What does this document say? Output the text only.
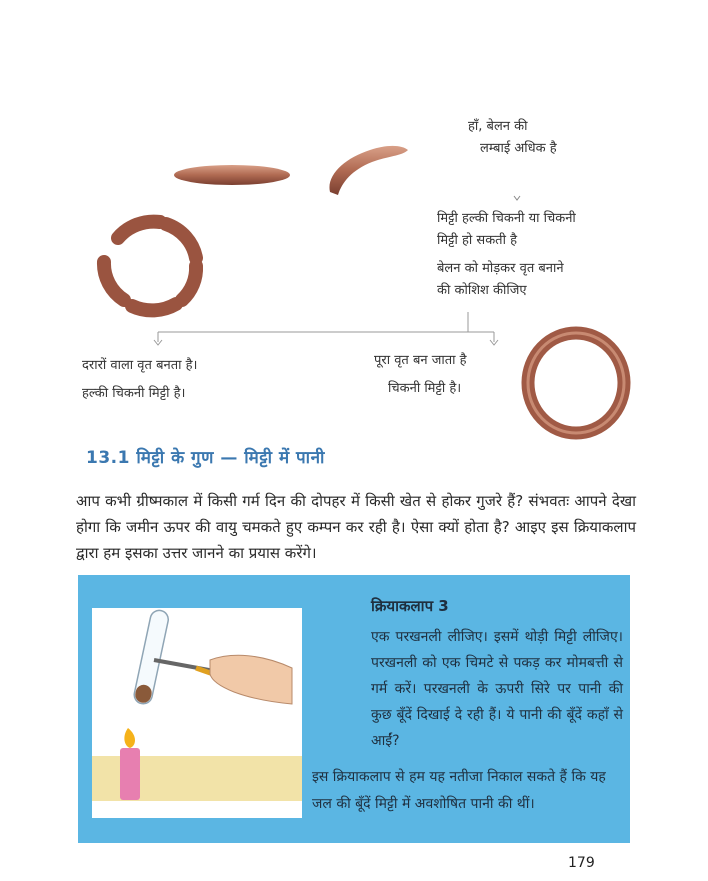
हाँ, बेलन की
लम्बाई अधिक है
मिट्टी हल्की चिकनी या चिकनी
मिट्टी हो सकती है
बेलन को मोड़कर वृत बनाने
की कोशिश कीजिए
दरारों वाला वृत बनता है।
हल्की चिकनी मिट्टी है।
पूरा वृत बन जाता है
चिकनी मिट्टी है।
13.1 मिट्टी के गुण — मिट्टी में पानी
आप कभी ग्रीष्मकाल में किसी गर्म दिन की दोपहर में किसी खेत से होकर गुजरे हैं? संभवतः आपने देखा होगा कि जमीन ऊपर की वायु चमकते हुए कम्पन कर रही है। ऐसा क्यों होता है? आइए इस क्रियाकलाप द्वारा हम इसका उत्तर जानने का प्रयास करेंगे।
क्रियाकलाप 3
एक परखनली लीजिए। इसमें थोड़ी मिट्टी लीजिए। परखनली को एक चिमटे से पकड़ कर मोमबत्ती से गर्म करें। परखनली के ऊपरी सिरे पर पानी की कुछ बूँदें दिखाई दे रही हैं। ये पानी की बूँदें कहाँ से आईं?
इस क्रियाकलाप से हम यह नतीजा निकाल सकते हैं कि यह जल की बूँदें मिट्टी में अवशोषित पानी की थीं।
179
